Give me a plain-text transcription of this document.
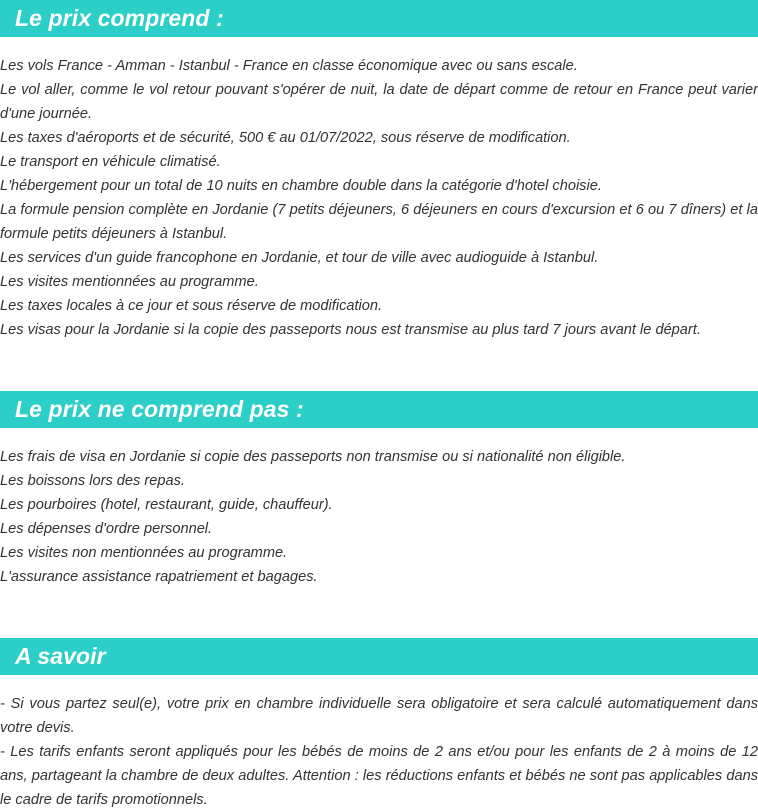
Le prix comprend :

Les vols France - Amman - Istanbul - France en classe économique avec ou sans escale.

Le vol aller, comme le vol retour pouvant s'opérer de nuit, la date de départ comme de retour en France peut varier d'une journée.

Les taxes d'aéroports et de sécurité, 500 € au 01/07/2022, sous réserve de modification.

Le transport en véhicule climatisé.

L'hébergement pour un total de 10 nuits en chambre double dans la catégorie d'hotel choisie.

La formule pension complète en Jordanie (7 petits déjeuners, 6 déjeuners en cours d'excursion et 6 ou 7 dîners) et la formule petits déjeuners à Istanbul.

Les services d'un guide francophone en Jordanie, et tour de ville avec audioguide à Istanbul.

Les visites mentionnées au programme.

Les taxes locales à ce jour et sous réserve de modification.

Les visas pour la Jordanie si la copie des passeports nous est transmise au plus tard 7 jours avant le départ.

Le prix ne comprend pas :

Les frais de visa en Jordanie si copie des passeports non transmise ou si nationalité non éligible.

Les boissons lors des repas.

Les pourboires (hotel, restaurant, guide, chauffeur).

Les dépenses d'ordre personnel.

Les visites non mentionnées au programme.

L'assurance assistance rapatriement et bagages.

A savoir

- Si vous partez seul(e), votre prix en chambre individuelle sera obligatoire et sera calculé automatiquement dans votre devis.

- Les tarifs enfants seront appliqués pour les bébés de moins de 2 ans et/ou pour les enfants de 2 à moins de 12 ans, partageant la chambre de deux adultes. Attention : les réductions enfants et bébés ne sont pas applicables dans le cadre de tarifs promotionnels.
